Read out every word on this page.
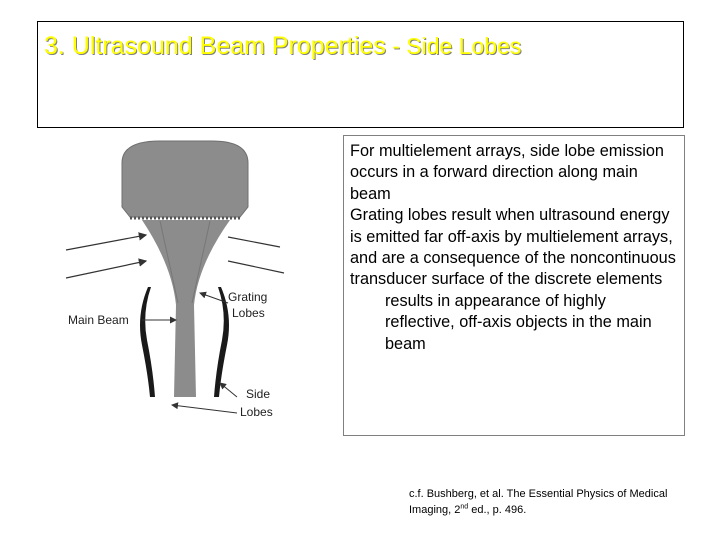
3. Ultrasound Beam Properties - Side Lobes
Main Beam
Grating
Lobes
Side
Lobes

For multielement arrays, side lobe emission occurs in a forward direction along main beam

Grating lobes result when ultrasound energy is emitted far off-axis by multielement arrays, and are a consequence of the noncontinuous transducer surface of the discrete elements

results in appearance of highly reflective, off-axis objects in the main beam

c.f. Bushberg, et al. The Essential Physics of Medical Imaging, 2nd ed., p. 496.
